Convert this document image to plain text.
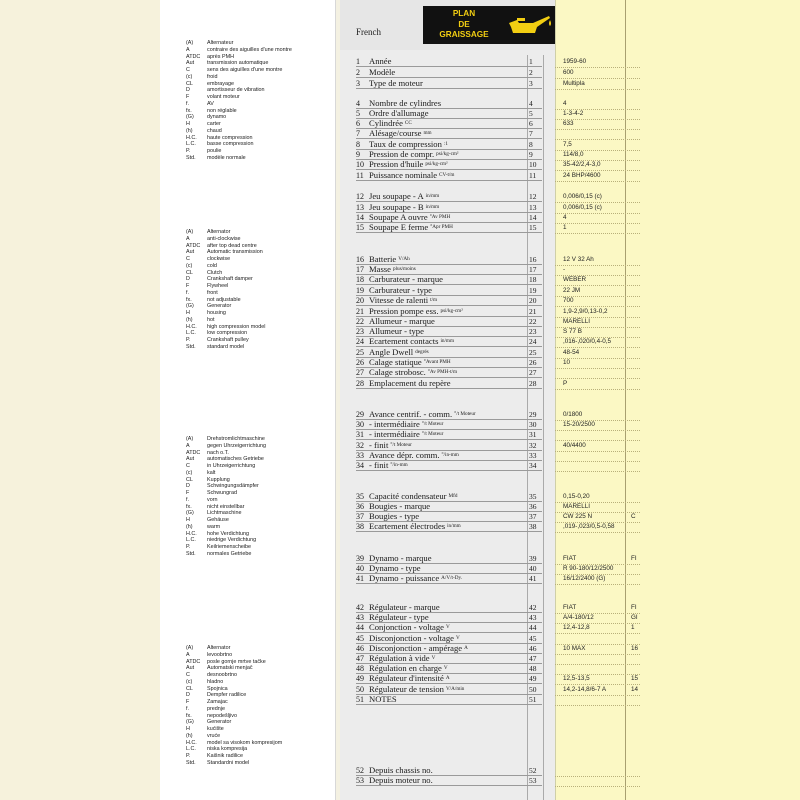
(A)	Alternateur
A	contraire des aiguilles d'une montre
ATDC	après PMH
Aut	transmission automatique
C	sens des aiguilles d'une montre
(c)	froid
CL	embrayage
D	amortisseur de vibration
F	volant moteur
f.	AV
fx.	non réglable
(G)	dynamo
H	carter
(h)	chaud
H.C.	haute compression
L.C.	basse compression
P.	poulie
Std.	modèle normale
(A)	Alternator
A	anti-clockwise
ATDC	after top dead centre
Aut	Automatic transmission
C	clockwise
(c)	cold
CL	Clutch
D	Crankshaft damper
F	Flywheel
f.	front
fx.	not adjustable
(G)	Generator
H	housing
(h)	hot
H.C.	high compression model
L.C.	low compression
P.	Crankshaft pulley
Std.	standard model
(A)	Drehstromlichtmaschine
A	gegen Uhrzeigerrichtung
ATDC	nach o.T.
Aut	automatisches Getriebe
C	in Uhrzeigerrichtung
(c)	kalt
CL	Kupplung
D	Schwingungsdämpfer
F	Schwungrad
f.	vorn
fx.	nicht einstellbar
(G)	Lichtmaschine
H	Gehäuse
(h)	warm
H.C.	hohe Verdichtung
L.C.	niedrige Verdichtung
P.	Keilriemenscheibe
Std.	normales Getriebe
(A)	Alternator
A	levoobrtno
ATDC	posle gornje mrtve tačke
Aut	Automatski menjač
C	desnoobrtno
(c)	hladno
CL	Spojnica
D	Dempfer radilice
F	Zamajac
f.	prednje
fx.	nepodešljivo
(G)	Generator
H	kućište
(h)	vruće
H.C.	model sa visokom kompresijom
L.C.	niska kompresija
P.	Kaišnik radilice
Std.	Standardni model
French
PLAN
DE
GRAISSAGE
1	Année	1	1959-60
2	Modèle	2	600
3	Type de moteur	3	Multipla
4	Nombre de cylindres	4	4
5	Ordre d'allumage	5	1-3-4-2
6	Cylindrée $^{CC}$	6	633
7	Alésage/course $^{mm}$	7
8	Taux de compression $^{:1}$	8	7,5
9	Pression de compr. $^{psi/kg-cm^2}$	9	114/8,0
10 Pression d'huile $^{psi/kg-cm^2}$	10	35-42/2,4-3,0
11 Puissance nominale $^{CV-t/m}$	11	24 BHP/4600
12 Jeu soupape - A $^{in/mm}$	12	0,006/0,15 (c)
13 Jeu soupape - B $^{in/mm}$	13	0,006/0,15 (c)
14 Soupape A ouvre $^{^\circ Av PMH}$	14	4
15 Soupape E ferme $^{^\circ Apr PMH}$	15	1
16 Batterie $^{V/Ah}$	16	12 V 32 Ah
17 Masse $^{plus/moins}$	17	-
18 Carburateur - marque	18	WEBER
19 Carburateur - type	19	22 JM
20 Vitesse de ralenti $^{t/m}$	20	700
21 Pression pompe ess. $^{psi/kg-cm^2}$	21	1,9-2,9/0,13-0,2
22 Allumeur - marque	22	MARELLI
23 Allumeur - type	23	S 77 B
24 Ecartement contacts $^{in/mm}$	24	,016-,020/0,4-0,5
25 Angle Dwell $^{degrés}$	25	48-54
26 Calage statique $^{^\circ Avant PMH}$	26	10
27 Calage strobosc. $^{^\circ Av PMH-t/m}$	27
28 Emplacement du repère	28	P
29 Avance centrif. - comm. $^{^\circ/t Moteur}$	29	0/1800
30 - intermédiaire $^{^\circ/t Moteur}$	30	15-20/2500
31 - intermédiaire $^{^\circ/t Moteur}$	31
32 - finit $^{^\circ/t Moteur}$	32	40/4400
33 Avance dépr. comm. $^{^\circ/in-mm}$	33
34 - finit $^{^\circ/in-mm}$	34
35 Capacité condensateur $^{Mfd}$	35	0,15-0,20
36 Bougies - marque	36	MARELLI
37 Bougies - type	37	CW 225 N	C
38 Ecartement électrodes $^{in/mm}$	38	,019-,023/0,5-0,58
39 Dynamo - marque	39	FIAT	FI
40 Dynamo - type	40	R 90-180/12/2500
41 Dynamo - puissance $^{A/V/t-Dy.}$	41	16/12/2400 (G)
42 Régulateur - marque	42	FIAT	FI
43 Régulateur - type	43	A/4-180/12	GI
44 Conjonction - voltage $^V$	44	12,4-12,8	1
45 Disconjonction - voltage $^V$	45
46 Disconjonction - ampérage $^A$	46	10 MAX	16
47 Régulation à vide $^V$	47
48 Régulation en charge $^V$	48
49 Régulateur d'intensité $^A$	49	12,5-13,5	15
50 Régulateur de tension $^{V/A/min}$	50	14,2-14,8/6-7 A	14
51 NOTES	51
52 Depuis chassis no.	52
53 Depuis moteur no.	53
